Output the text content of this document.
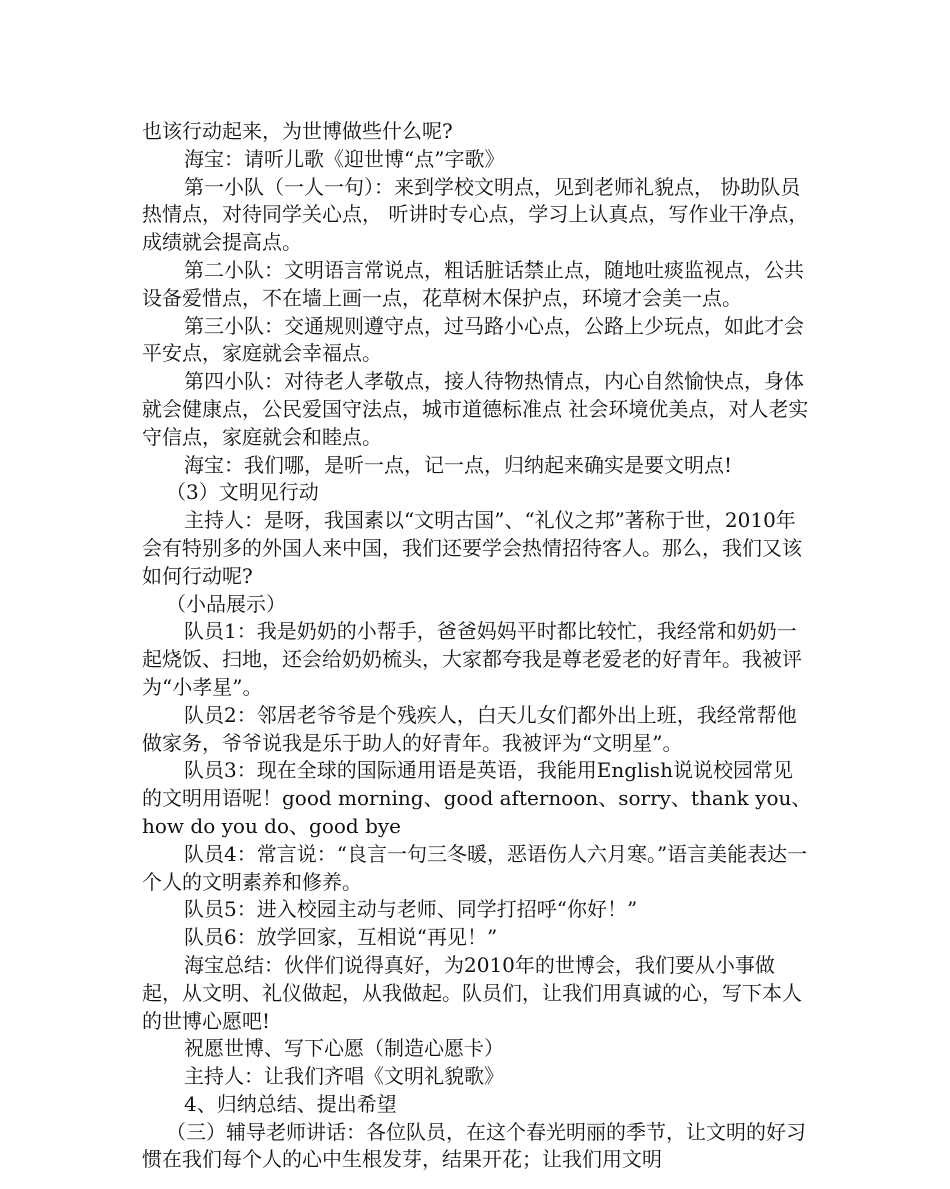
也该行动起来，为世博做些什么呢?

海宝：请听儿歌《迎世博“点”字歌》

第一小队（一人一句）：来到学校文明点，见到老师礼貌点， 协助队员热情点，对待同学关心点， 听讲时专心点，学习上认真点，写作业干净点，成绩就会提高点。

第二小队：文明语言常说点，粗话脏话禁止点，随地吐痰监视点，公共设备爱惜点，不在墙上画一点，花草树木保护点，环境才会美一点。

第三小队：交通规则遵守点，过马路小心点，公路上少玩点，如此才会平安点，家庭就会幸福点。

第四小队：对待老人孝敬点，接人待物热情点，内心自然愉快点，身体就会健康点，公民爱国守法点，城市道德标准点 社会环境优美点，对人老实守信点，家庭就会和睦点。

海宝：我们哪，是听一点，记一点，归纳起来确实是要文明点!

（3）文明见行动

主持人：是呀，我国素以“文明古国”、“礼仪之邦”著称于世，2010年会有特别多的外国人来中国，我们还要学会热情招待客人。那么，我们又该如何行动呢?

（小品展示）

队员1：我是奶奶的小帮手，爸爸妈妈平时都比较忙，我经常和奶奶一起烧饭、扫地，还会给奶奶梳头，大家都夸我是尊老爱老的好青年。我被评为“小孝星”。

队员2：邻居老爷爷是个残疾人，白天儿女们都外出上班，我经常帮他做家务，爷爷说我是乐于助人的好青年。我被评为“文明星”。

队员3：现在全球的国际通用语是英语，我能用English说说校园常见的文明用语呢！good morning、good afternoon、sorry、thank you、how do you do、good bye

队员4：常言说：“良言一句三冬暖，恶语伤人六月寒。”语言美能表达一个人的文明素养和修养。

队员5：进入校园主动与老师、同学打招呼“你好！”

队员6：放学回家，互相说“再见！”

海宝总结：伙伴们说得真好，为2010年的世博会，我们要从小事做起，从文明、礼仪做起，从我做起。队员们，让我们用真诚的心，写下本人的世博心愿吧!

祝愿世博、写下心愿（制造心愿卡）

主持人：让我们齐唱《文明礼貌歌》

4、归纳总结、提出希望

（三）辅导老师讲话：各位队员，在这个春光明丽的季节，让文明的好习惯在我们每个人的心中生根发芽，结果开花；让我们用文明
